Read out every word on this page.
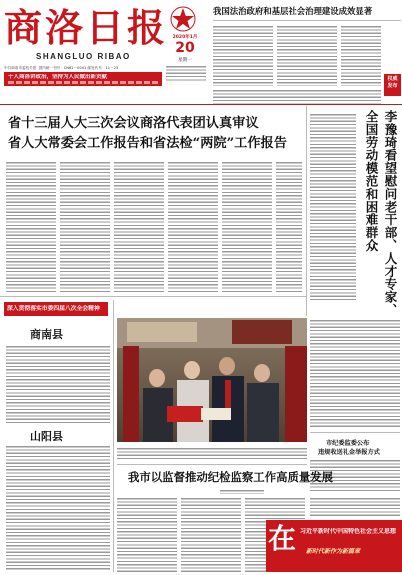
商洛日报
SHANGLUO RIBAO
中共商洛市委机关报 国内统一刊号：CN61－0041 邮发代号：11－23
千人商洛讲政治，坚持为人民做出新贡献
2020年1月
20
星期一
我国法治政府和基层社会治理建设成效显著
权威 发布
省十三届人大三次会议商洛代表团认真审议
省人大常委会工作报告和省法检“两院”工作报告	李豫琦看望慰问老干部、人才专家、全国劳动模范和困难群众
深入贯彻落实市委四届八次全会精神
商南县
山阳县
市纪委监委公布
违规收送礼金举报方式
我市以监督推动纪检监察工作高质量发展
在 习近平新时代中国特色社会主义思想
新时代新作为新篇章
